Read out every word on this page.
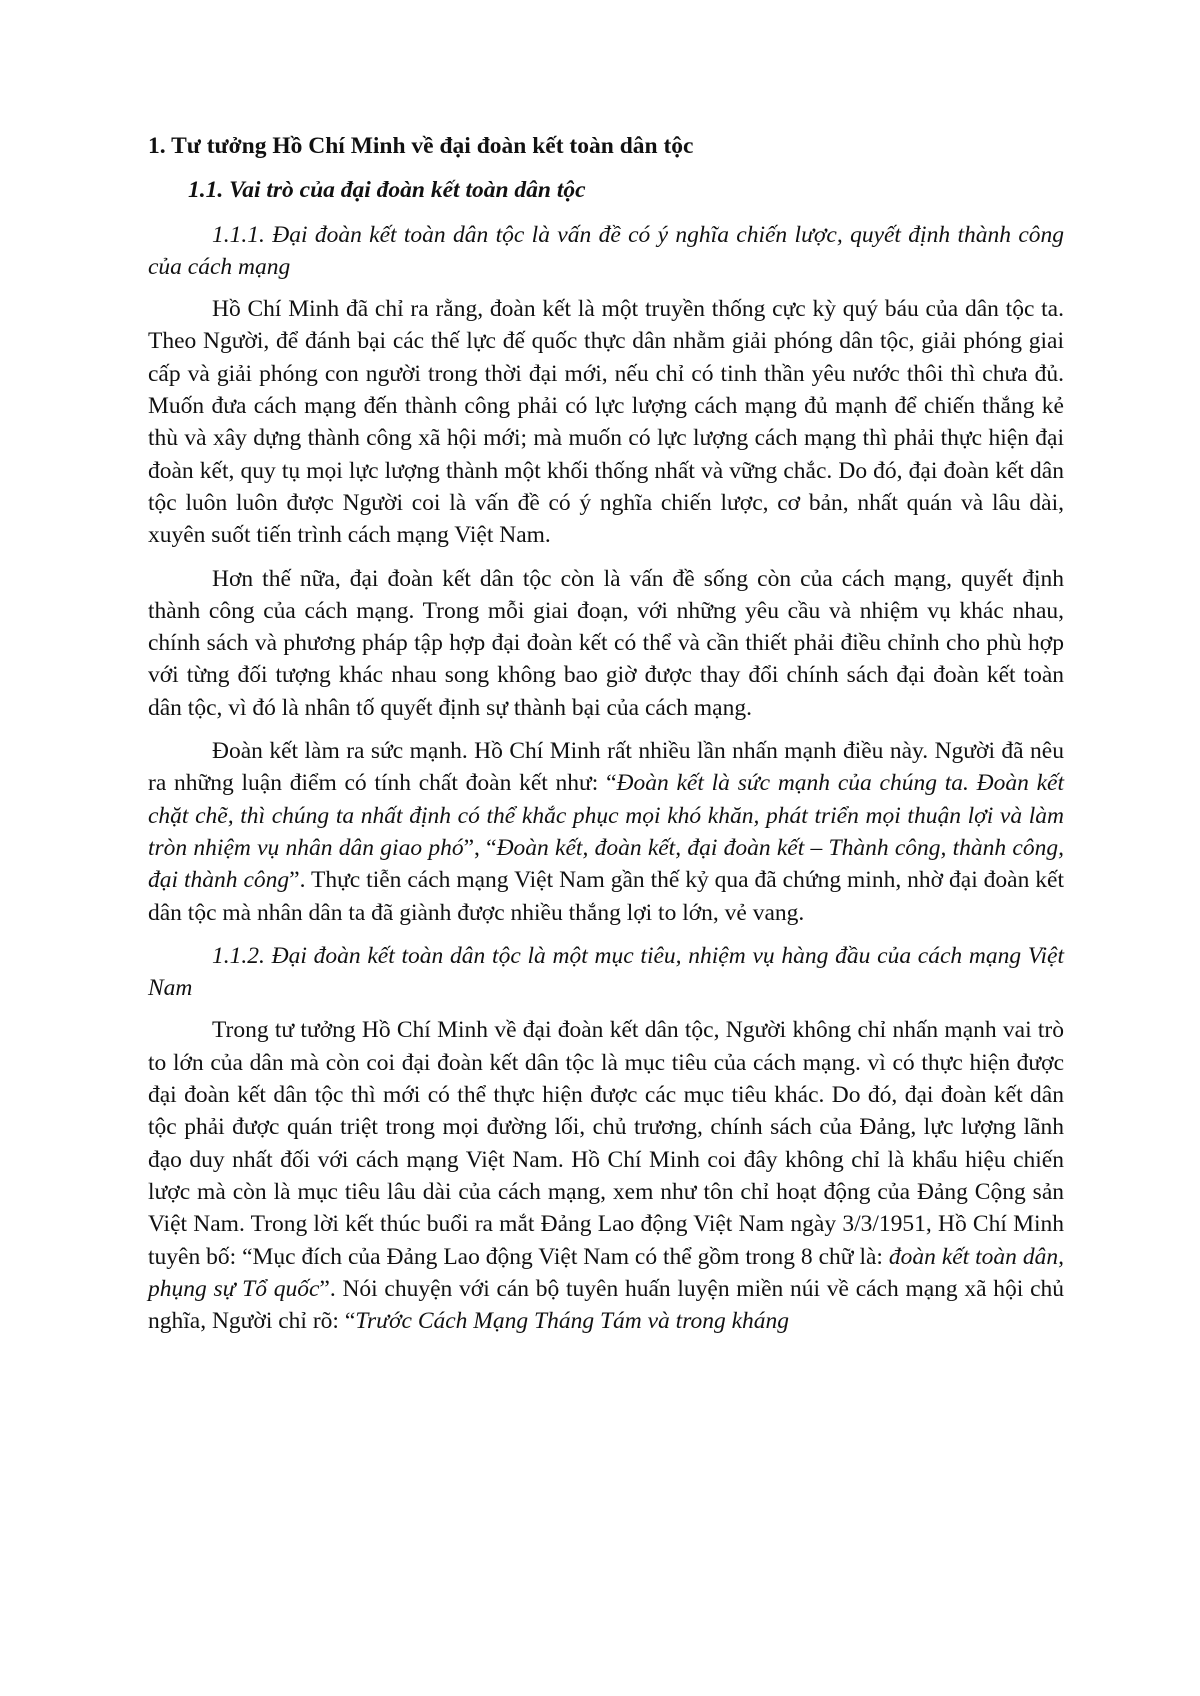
1. Tư tưởng Hồ Chí Minh về đại đoàn kết toàn dân tộc
1.1. Vai trò của đại đoàn kết toàn dân tộc
1.1.1. Đại đoàn kết toàn dân tộc là vấn đề có ý nghĩa chiến lược, quyết định thành công của cách mạng

Hồ Chí Minh đã chỉ ra rằng, đoàn kết là một truyền thống cực kỳ quý báu của dân tộc ta. Theo Người, để đánh bại các thế lực đế quốc thực dân nhằm giải phóng dân tộc, giải phóng giai cấp và giải phóng con người trong thời đại mới, nếu chỉ có tinh thần yêu nước thôi thì chưa đủ. Muốn đưa cách mạng đến thành công phải có lực lượng cách mạng đủ mạnh để chiến thắng kẻ thù và xây dựng thành công xã hội mới; mà muốn có lực lượng cách mạng thì phải thực hiện đại đoàn kết, quy tụ mọi lực lượng thành một khối thống nhất và vững chắc. Do đó, đại đoàn kết dân tộc luôn luôn được Người coi là vấn đề có ý nghĩa chiến lược, cơ bản, nhất quán và lâu dài, xuyên suốt tiến trình cách mạng Việt Nam.

Hơn thế nữa, đại đoàn kết dân tộc còn là vấn đề sống còn của cách mạng, quyết định thành công của cách mạng. Trong mỗi giai đoạn, với những yêu cầu và nhiệm vụ khác nhau, chính sách và phương pháp tập hợp đại đoàn kết có thể và cần thiết phải điều chỉnh cho phù hợp với từng đối tượng khác nhau song không bao giờ được thay đổi chính sách đại đoàn kết toàn dân tộc, vì đó là nhân tố quyết định sự thành bại của cách mạng.

Đoàn kết làm ra sức mạnh. Hồ Chí Minh rất nhiều lần nhấn mạnh điều này. Người đã nêu ra những luận điểm có tính chất đoàn kết như: “Đoàn kết là sức mạnh của chúng ta. Đoàn kết chặt chẽ, thì chúng ta nhất định có thể khắc phục mọi khó khăn, phát triển mọi thuận lợi và làm tròn nhiệm vụ nhân dân giao phó”, “Đoàn kết, đoàn kết, đại đoàn kết – Thành công, thành công, đại thành công”. Thực tiễn cách mạng Việt Nam gần thế kỷ qua đã chứng minh, nhờ đại đoàn kết dân tộc mà nhân dân ta đã giành được nhiều thắng lợi to lớn, vẻ vang.

1.1.2. Đại đoàn kết toàn dân tộc là một mục tiêu, nhiệm vụ hàng đầu của cách mạng Việt Nam

Trong tư tưởng Hồ Chí Minh về đại đoàn kết dân tộc, Người không chỉ nhấn mạnh vai trò to lớn của dân mà còn coi đại đoàn kết dân tộc là mục tiêu của cách mạng. vì có thực hiện được đại đoàn kết dân tộc thì mới có thể thực hiện được các mục tiêu khác. Do đó, đại đoàn kết dân tộc phải được quán triệt trong mọi đường lối, chủ trương, chính sách của Đảng, lực lượng lãnh đạo duy nhất đối với cách mạng Việt Nam. Hồ Chí Minh coi đây không chỉ là khẩu hiệu chiến lược mà còn là mục tiêu lâu dài của cách mạng, xem như tôn chỉ hoạt động của Đảng Cộng sản Việt Nam. Trong lời kết thúc buổi ra mắt Đảng Lao động Việt Nam ngày 3/3/1951, Hồ Chí Minh tuyên bố: “Mục đích của Đảng Lao động Việt Nam có thể gồm trong 8 chữ là: đoàn kết toàn dân, phụng sự Tổ quốc”. Nói chuyện với cán bộ tuyên huấn luyện miền núi về cách mạng xã hội chủ nghĩa, Người chỉ rõ: “Trước Cách Mạng Tháng Tám và trong kháng
